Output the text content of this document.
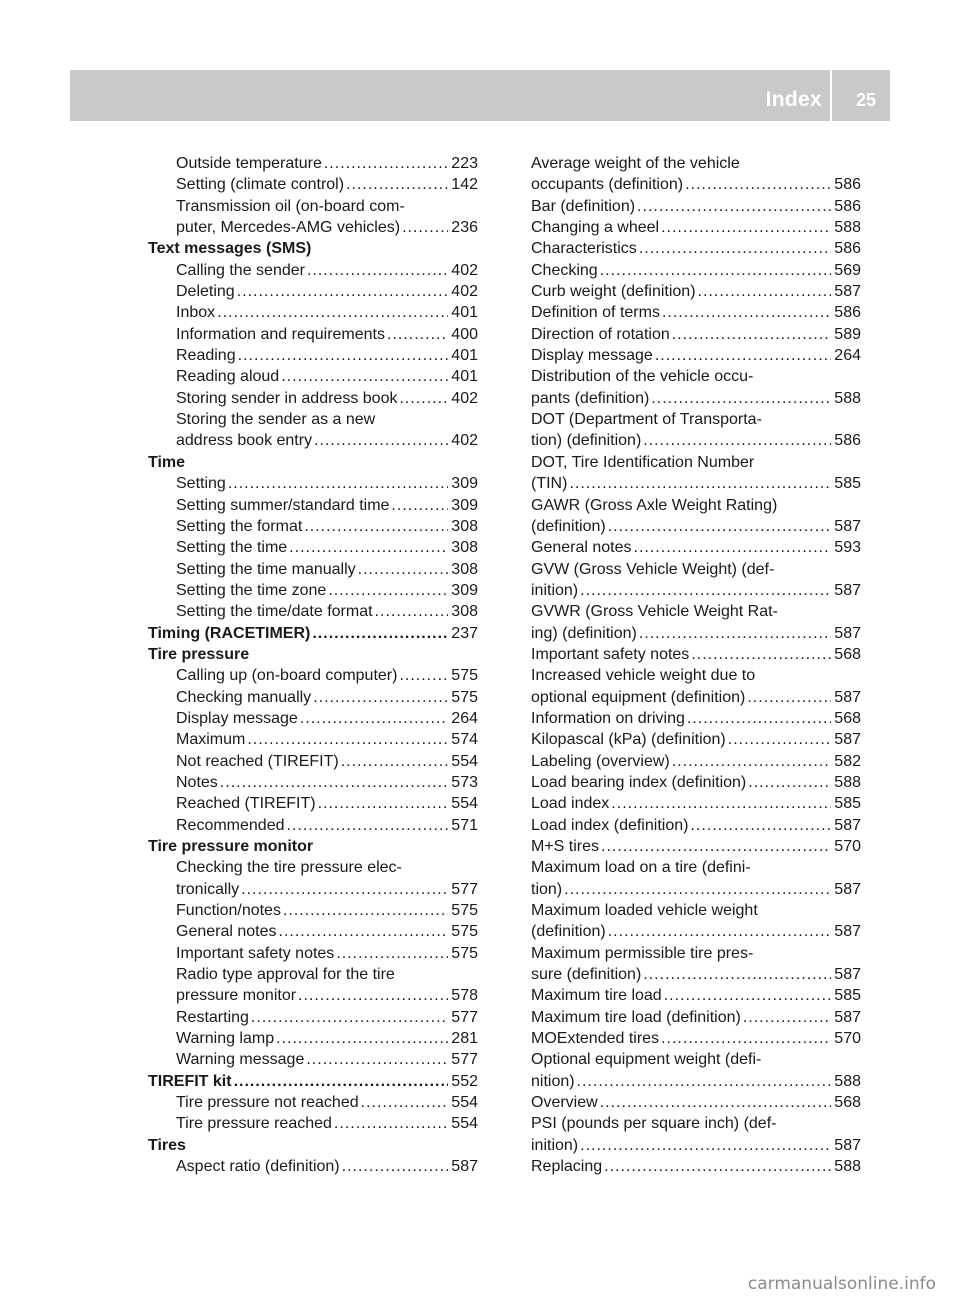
Index 25
Outside temperature .....	223
Setting (climate control) .....	142
Transmission oil (on-board com-
puter, Mercedes-AMG vehicles) .....	236
Text messages (SMS)
Calling the sender .....	402
Deleting .....	402
Inbox .....	401
Information and requirements .....	400
Reading .....	401
Reading aloud .....	401
Storing sender in address book .....	402
Storing the sender as a new
address book entry .....	402
Time
Setting .....	309
Setting summer/standard time .....	309
Setting the format .....	308
Setting the time .....	308
Setting the time manually .....	308
Setting the time zone .....	309
Setting the time/date format .....	308
Timing (RACETIMER) .....	237
Tire pressure
Calling up (on-board computer) .....	575
Checking manually .....	575
Display message .....	264
Maximum .....	574
Not reached (TIREFIT) .....	554
Notes .....	573
Reached (TIREFIT) .....	554
Recommended .....	571
Tire pressure monitor
Checking the tire pressure elec-
tronically .....	577
Function/notes .....	575
General notes .....	575
Important safety notes .....	575
Radio type approval for the tire
pressure monitor .....	578
Restarting .....	577
Warning lamp .....	281
Warning message .....	577
TIREFIT kit .....	552
Tire pressure not reached .....	554
Tire pressure reached .....	554
Tires
Aspect ratio (definition) .....	587
Average weight of the vehicle
occupants (definition) .....	586
Bar (definition) .....	586
Changing a wheel .....	588
Characteristics .....	586
Checking .....	569
Curb weight (definition) .....	587
Definition of terms .....	586
Direction of rotation .....	589
Display message .....	264
Distribution of the vehicle occu-
pants (definition) .....	588
DOT (Department of Transporta-
tion) (definition) .....	586
DOT, Tire Identification Number
(TIN) .....	585
GAWR (Gross Axle Weight Rating)
(definition) .....	587
General notes .....	593
GVW (Gross Vehicle Weight) (def-
inition) .....	587
GVWR (Gross Vehicle Weight Rat-
ing) (definition) .....	587
Important safety notes .....	568
Increased vehicle weight due to
optional equipment (definition) .....	587
Information on driving .....	568
Kilopascal (kPa) (definition) .....	587
Labeling (overview) .....	582
Load bearing index (definition) .....	588
Load index .....	585
Load index (definition) .....	587
M+S tires .....	570
Maximum load on a tire (defini-
tion) .....	587
Maximum loaded vehicle weight
(definition) .....	587
Maximum permissible tire pres-
sure (definition) .....	587
Maximum tire load .....	585
Maximum tire load (definition) .....	587
MOExtended tires .....	570
Optional equipment weight (defi-
nition) .....	588
Overview .....	568
PSI (pounds per square inch) (def-
inition) .....	587
Replacing .....	588
carmanualsonline.info
